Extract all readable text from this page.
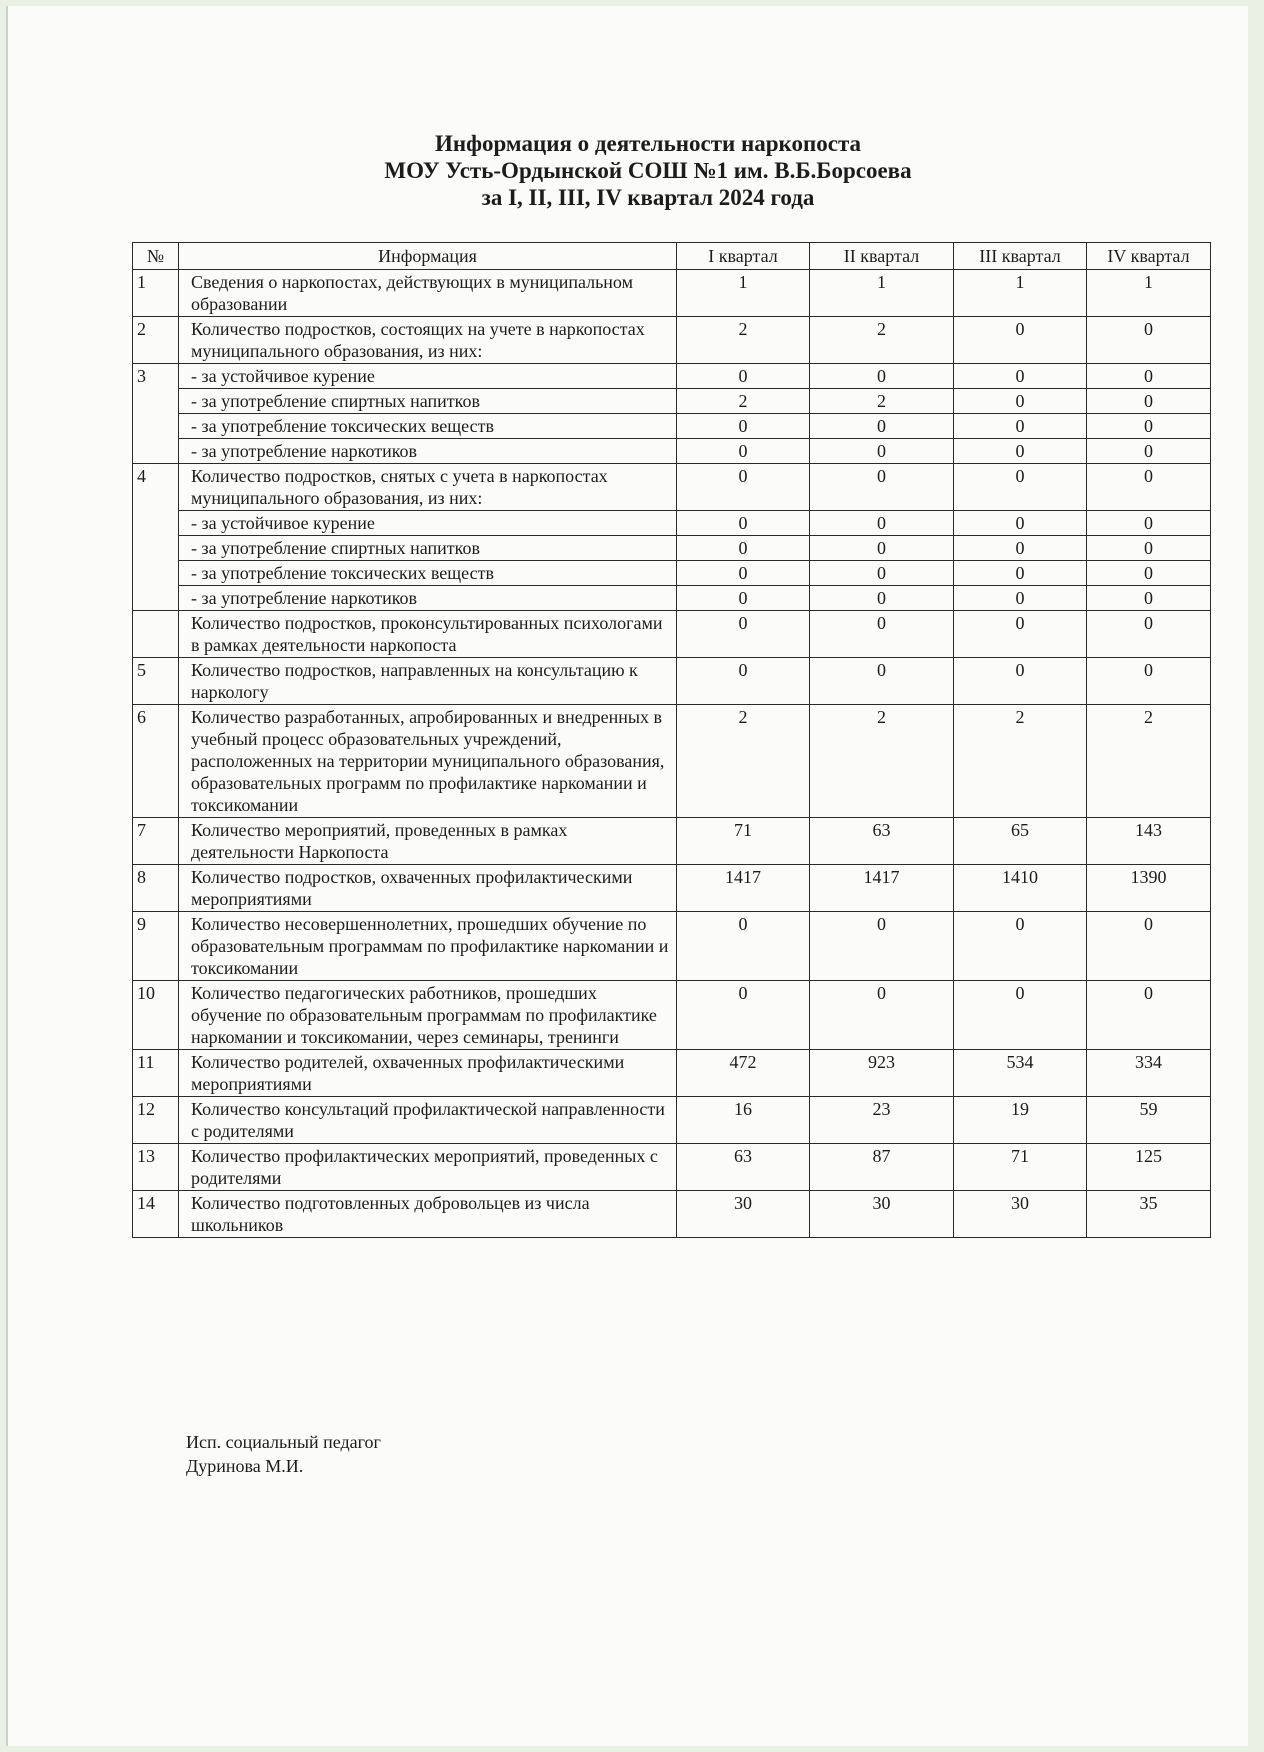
Информация о деятельности наркопоста
МОУ Усть-Ордынской СОШ №1 им. В.Б.Борсоева
за I, II, III, IV квартал 2024 года
№	Информация	I квартал	II квартал	III квартал	IV квартал
1	Сведения о наркопостах, действующих в муниципальном образовании	1	1	1	1
2	Количество подростков, состоящих на учете в наркопостах муниципального образования, из них:	2	2	0	0
3	- за устойчивое курение	0	0	0	0
	- за употребление спиртных напитков	2	2	0	0
	- за употребление токсических веществ	0	0	0	0
	- за употребление наркотиков	0	0	0	0
4	Количество подростков, снятых с учета в наркопостах муниципального образования, из них:	0	0	0	0
	- за устойчивое курение	0	0	0	0
	- за употребление спиртных напитков	0	0	0	0
	- за употребление токсических веществ	0	0	0	0
	- за употребление наркотиков	0	0	0	0
	Количество подростков, проконсультированных психологами в рамках деятельности наркопоста	0	0	0	0
5	Количество подростков, направленных на консультацию к наркологу	0	0	0	0
6	Количество разработанных, апробированных и внедренных в учебный процесс образовательных учреждений, расположенных на территории муниципального образования, образовательных программ по профилактике наркомании и токсикомании	2	2	2	2
7	Количество мероприятий, проведенных в рамках деятельности Наркопоста	71	63	65	143
8	Количество подростков, охваченных профилактическими мероприятиями	1417	1417	1410	1390
9	Количество несовершеннолетних, прошедших обучение по образовательным программам по профилактике наркомании и токсикомании	0	0	0	0
10	Количество педагогических работников, прошедших обучение по образовательным программам по профилактике наркомании и токсикомании, через семинары, тренинги	0	0	0	0
11	Количество родителей, охваченных профилактическими мероприятиями	472	923	534	334
12	Количество консультаций профилактической направленности с родителями	16	23	19	59
13	Количество профилактических мероприятий, проведенных с родителями	63	87	71	125
14	Количество подготовленных добровольцев из числа школьников	30	30	30	35
Исп. социальный педагог
Дуринова М.И.
